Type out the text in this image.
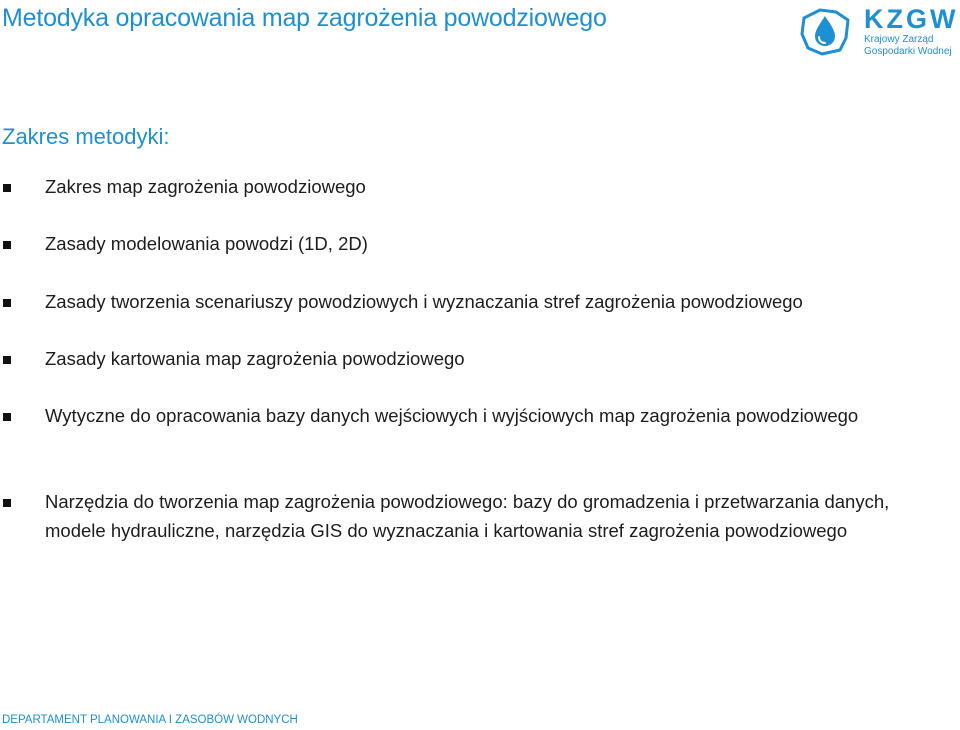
Metodyka opracowania map zagrożenia powodziowego	KZGW
Krajowy Zarząd
Gospodarki Wodnej
Zakres metodyki:
Zakres map zagrożenia powodziowego
Zasady modelowania powodzi (1D, 2D)
Zasady tworzenia scenariuszy powodziowych i wyznaczania stref zagrożenia powodziowego
Zasady kartowania map zagrożenia powodziowego
Wytyczne do opracowania bazy danych wejściowych i wyjściowych map zagrożenia powodziowego
Narzędzia do tworzenia map zagrożenia powodziowego: bazy do gromadzenia i przetwarzania danych, modele hydrauliczne, narzędzia GIS do wyznaczania i kartowania stref zagrożenia powodziowego
DEPARTAMENT PLANOWANIA I ZASOBÓW WODNYCH
